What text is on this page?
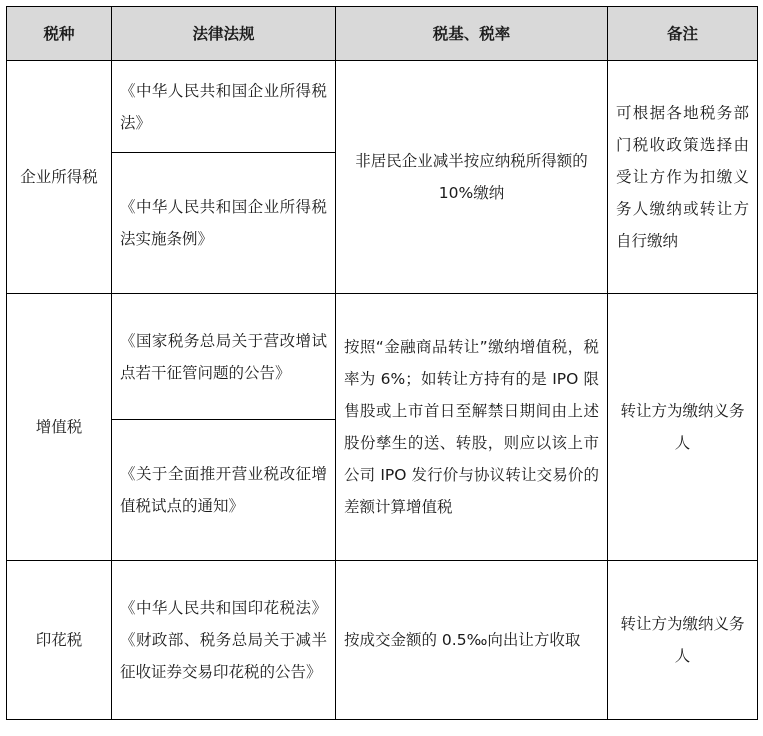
税种	法律法规	税基、税率	备注
企业所得税	《中华人民共和国企业所得税法》	非居民企业减半按应纳税所得额的 10%缴纳	可根据各地税务部门税收政策选择由受让方作为扣缴义务人缴纳或转让方自行缴纳
	《中华人民共和国企业所得税法实施条例》		
增值税	《国家税务总局关于营改增试点若干征管问题的公告》	按照“金融商品转让”缴纳增值税，税率为 6%；如转让方持有的是 IPO 限售股或上市首日至解禁日期间由上述股份孳生的送、转股，则应以该上市公司 IPO 发行价与协议转让交易价的差额计算增值税	转让方为缴纳义务人
	《关于全面推开营业税改征增值税试点的通知》		
印花税	《中华人民共和国印花税法》《财政部、税务总局关于减半征收证券交易印花税的公告》	按成交金额的 0.5‰向出让方收取	转让方为缴纳义务人
